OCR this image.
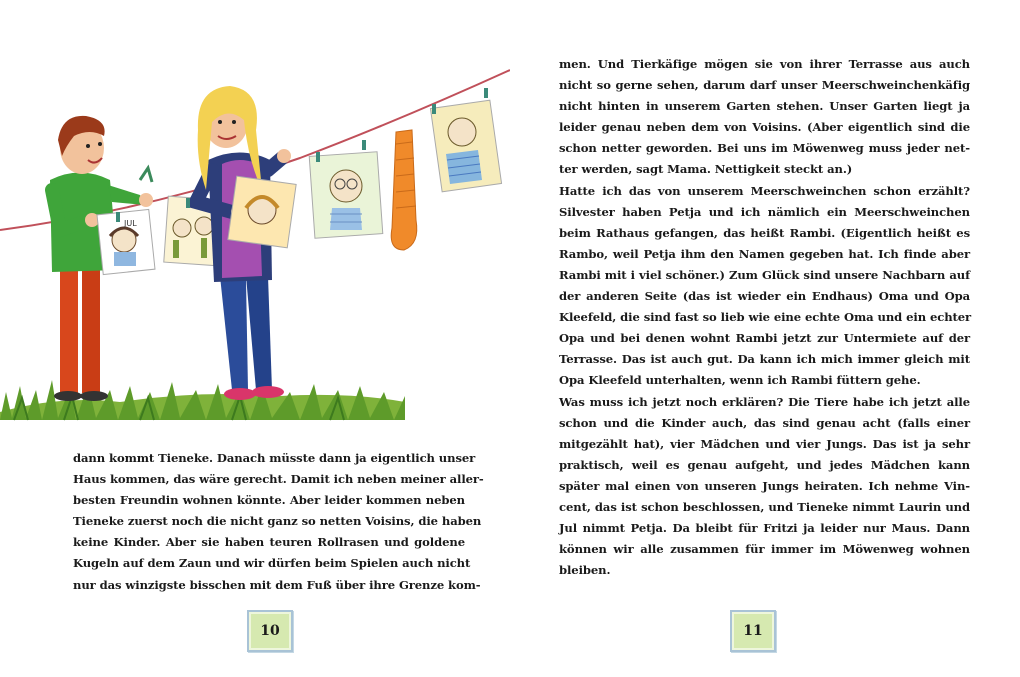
JUL
dann kommt Tieneke. Danach müsste dann ja eigentlich unser
Haus kommen, das wäre gerecht. Damit ich neben meiner aller-
besten Freundin wohnen könnte. Aber leider kommen neben
Tieneke zuerst noch die nicht ganz so netten Voisins, die haben
keine Kinder. Aber sie haben teuren Rollrasen und goldene
Kugeln auf dem Zaun und wir dürfen beim Spielen auch nicht
nur das winzigste bisschen mit dem Fuß über ihre Grenze kom-
10
men. Und Tierkäfige mögen sie von ihrer Terrasse aus auch
nicht so gerne sehen, darum darf unser Meerschweinchenkäfig
nicht hinten in unserem Garten stehen. Unser Garten liegt ja
leider genau neben dem von Voisins. (Aber eigentlich sind die
schon netter geworden. Bei uns im Möwenweg muss jeder net-
ter werden, sagt Mama. Nettigkeit steckt an.)
Hatte ich das von unserem Meerschweinchen schon erzählt?
Silvester haben Petja und ich nämlich ein Meerschweinchen
beim Rathaus gefangen, das heißt Rambi. (Eigentlich heißt es
Rambo, weil Petja ihm den Namen gegeben hat. Ich finde aber
Rambi mit i viel schöner.) Zum Glück sind unsere Nachbarn auf
der anderen Seite (das ist wieder ein Endhaus) Oma und Opa
Kleefeld, die sind fast so lieb wie eine echte Oma und ein echter
Opa und bei denen wohnt Rambi jetzt zur Untermiete auf der
Terrasse. Das ist auch gut. Da kann ich mich immer gleich mit
Opa Kleefeld unterhalten, wenn ich Rambi füttern gehe.
Was muss ich jetzt noch erklären? Die Tiere habe ich jetzt alle
schon und die Kinder auch, das sind genau acht (falls einer
mitgezählt hat), vier Mädchen und vier Jungs. Das ist ja sehr
praktisch, weil es genau aufgeht, und jedes Mädchen kann
später mal einen von unseren Jungs heiraten. Ich nehme Vin-
cent, das ist schon beschlossen, und Tieneke nimmt Laurin und
Jul nimmt Petja. Da bleibt für Fritzi ja leider nur Maus. Dann
können wir alle zusammen für immer im Möwenweg wohnen
bleiben.
11
